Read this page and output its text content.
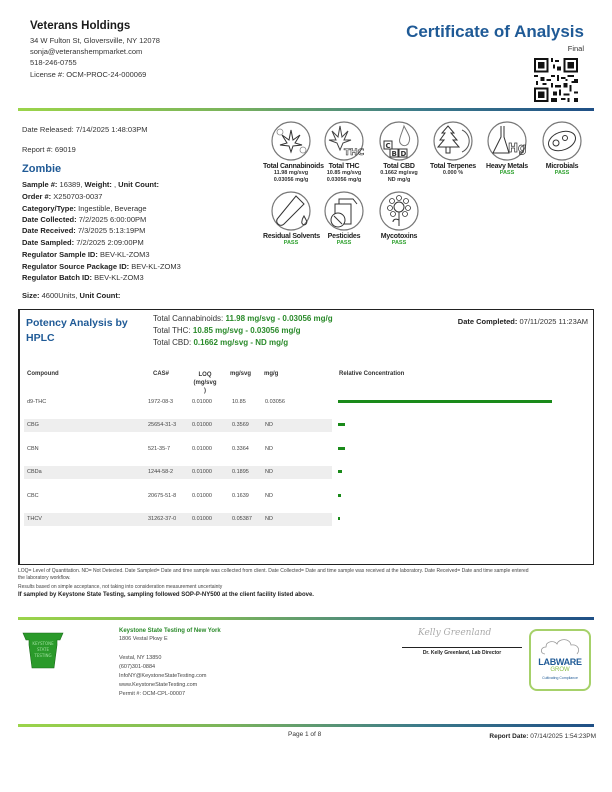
Veterans Holdings
34 W Fulton St, Gloversville, NY 12078
sonja@veteranshempmarket.com
518-246-0755
License #: OCM-PROC-24-000069
Certificate of Analysis
Final
Date Released: 7/14/2025 1:48:03PM
Report #: 69019
Zombie
Sample #: 16389, Weight: , Unit Count:
Order #: X250703-0037
Category/Type: Ingestible, Beverage
Date Collected: 7/2/2025 6:00:00PM
Date Received: 7/3/2025 5:13:19PM
Date Sampled: 7/2/2025 2:09:00PM
Regulator Sample ID: BEV-KL-ZOM3
Regulator Source Package ID: BEV-KL-ZOM3
Regulator Batch ID: BEV-KL-ZOM3
Size: 4600Units, Unit Count:
Total Cannabinoids
11.98 mg/svg
0.03056 mg/g
THC
Total THC
10.85 mg/svg
0.03056 mg/g
C
B D
Total CBD
0.1662 mg/svg
ND mg/g
Total Terpenes
0.000 %
Hg
Heavy Metals
PASS
Microbials
PASS
Residual Solvents
PASS
Pesticides
PASS
Mycotoxins
PASS
Potency Analysis by HPLC
Total Cannabinoids: 11.98 mg/svg - 0.03056 mg/g
Total THC: 10.85 mg/svg - 0.03056 mg/g
Total CBD: 0.1662 mg/svg - ND mg/g
Date Completed: 07/11/2025 11:23AM
Compound	CAS#	LOQ
(mg/svg
)
mg/svg mg/g	Relative Concentration
d9-THC	1972-08-3	0.01000	10.85	0.03056
CBG	25654-31-3	0.01000	0.3569	ND
CBN	521-35-7	0.01000	0.3364	ND
CBDa	1244-58-2	0.01000	0.1895	ND
CBC	20675-51-8	0.01000	0.1639	ND
THCV	31262-37-0	0.01000	0.05387 ND
LOQ= Level of Quantitation. ND= Not Detected. Date Sampled= Date and time sample was collected from client. Date Collected= Date and time sample was received at the laboratory. Date Received= Date and time sample entered
the laboratory workflow.
Results based on simple acceptance, not taking into consideration measurement uncertainty
If sampled by Keystone State Testing, sampling followed SOP-P-NY500 at the client facility listed above.
KEYSTONE
STATE
TESTING
Keystone State Testing of New York
1806 Vestal Pkwy E
Vestal, NY 13850
(607)301-0884
InfoNY@KeystoneStateTesting.com
www.KeystoneStateTesting.com
Permit #: OCM-CPL-00007
Kelly Greenland
Dr. Kelly Greenland, Lab Director
LABWARE
GROW
Cultivating Compliance
Page 1 of 8	Report Date: 07/14/2025 1:54:23PM
